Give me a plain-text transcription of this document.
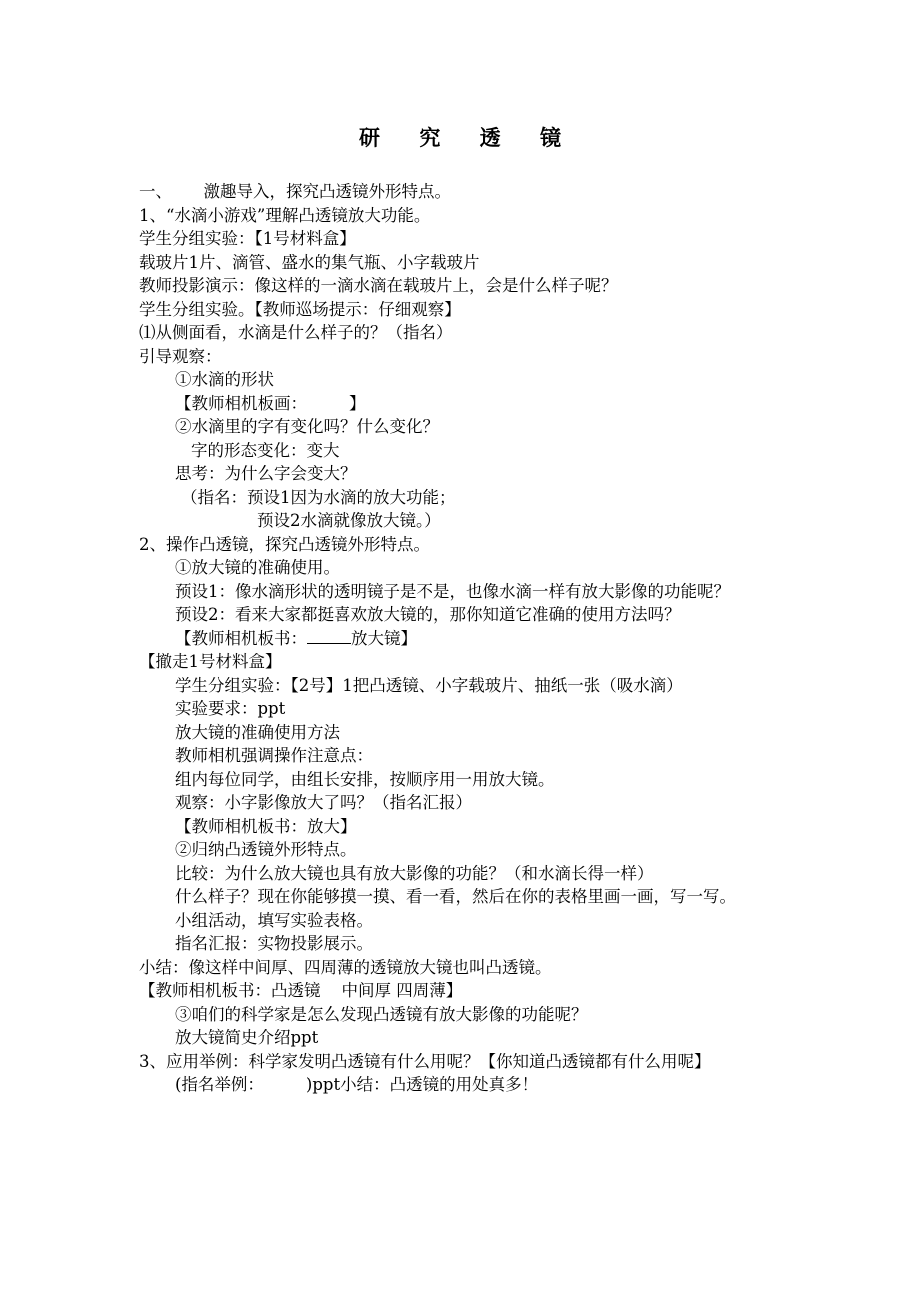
研 究 透 镜
一、      激趣导入，探究凸透镜外形特点。
1、“水滴小游戏”理解凸透镜放大功能。
学生分组实验：【1号材料盒】
载玻片1片、滴管、盛水的集气瓶、小字载玻片
教师投影演示：像这样的一滴水滴在载玻片上，会是什么样子呢？
学生分组实验。【教师巡场提示：仔细观察】
⑴从侧面看，水滴是什么样子的？（指名）
引导观察：
①水滴的形状
【教师相机板画：        】
②水滴里的字有变化吗？什么变化？
字的形态变化：变大
思考：为什么字会变大？
（指名：预设1因为水滴的放大功能；
预设2水滴就像放大镜。）
2、操作凸透镜，探究凸透镜外形特点。
①放大镜的准确使用。
预设1：像水滴形状的透明镜子是不是，也像水滴一样有放大影像的功能呢？
预设2：看来大家都挺喜欢放大镜的，那你知道它准确的使用方法吗？
【教师相机板书：	放大镜】
【撤走1号材料盒】
学生分组实验：【2号】1把凸透镜、小字载玻片、抽纸一张（吸水滴）
实验要求：ppt
放大镜的准确使用方法
教师相机强调操作注意点：
组内每位同学，由组长安排，按顺序用一用放大镜。
观察：小字影像放大了吗？（指名汇报）
【教师相机板书：放大】
②归纳凸透镜外形特点。
比较：为什么放大镜也具有放大影像的功能？（和水滴长得一样）
什么样子？现在你能够摸一摸、看一看，然后在你的表格里画一画，写一写。
小组活动，填写实验表格。
指名汇报：实物投影展示。
小结：像这样中间厚、四周薄的透镜放大镜也叫凸透镜。
【教师相机板书：凸透镜    中间厚 四周薄】
③咱们的科学家是怎么发现凸透镜有放大影像的功能呢？
放大镜简史介绍ppt
3、应用举例：科学家发明凸透镜有什么用呢？【你知道凸透镜都有什么用呢】
(指名举例：        )ppt小结：凸透镜的用处真多！
